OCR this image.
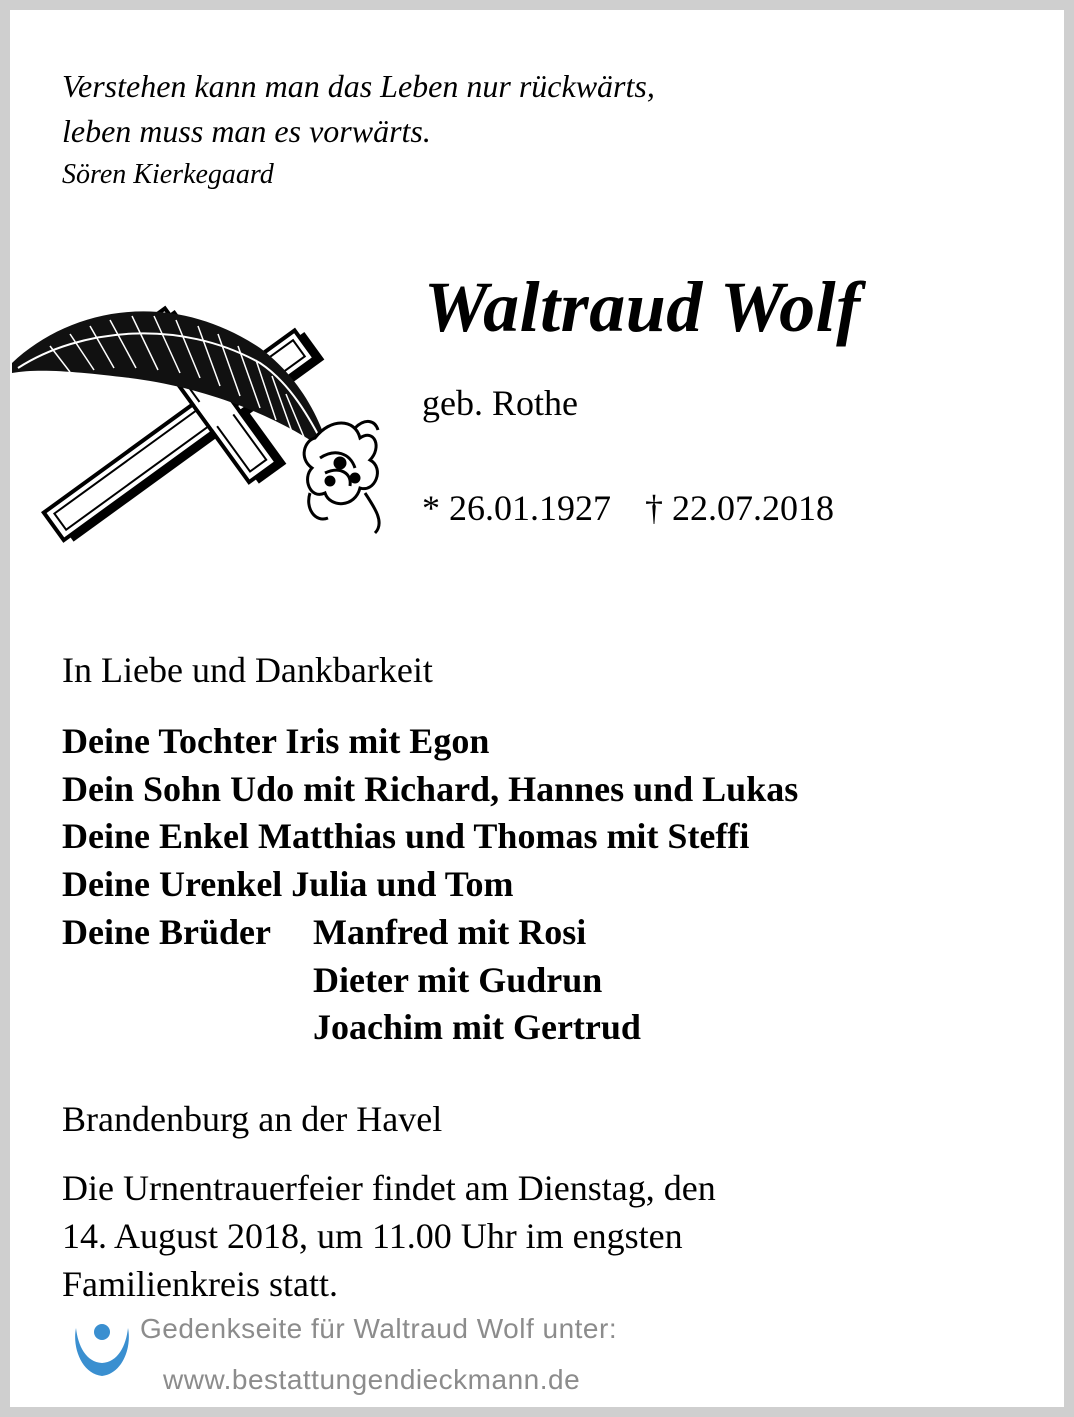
Verstehen kann man das Leben nur rückwärts,
leben muss man es vorwärts.
Sören Kierkegaard
Waltraud Wolf
geb. Rothe
* 26.01.1927 † 22.07.2018
In Liebe und Dankbarkeit
Deine Tochter Iris mit Egon
Dein Sohn Udo mit Richard, Hannes und Lukas
Deine Enkel Matthias und Thomas mit Steffi
Deine Urenkel Julia und Tom
Deine Brüder	Manfred mit Rosi
Dieter mit Gudrun
Joachim mit Gertrud
Brandenburg an der Havel
Die Urnentrauerfeier findet am Dienstag, den
14. August 2018, um 11.00 Uhr im engsten
Familienkreis statt.
Gedenkseite für Waltraud Wolf unter:
www.bestattungendieckmann.de
